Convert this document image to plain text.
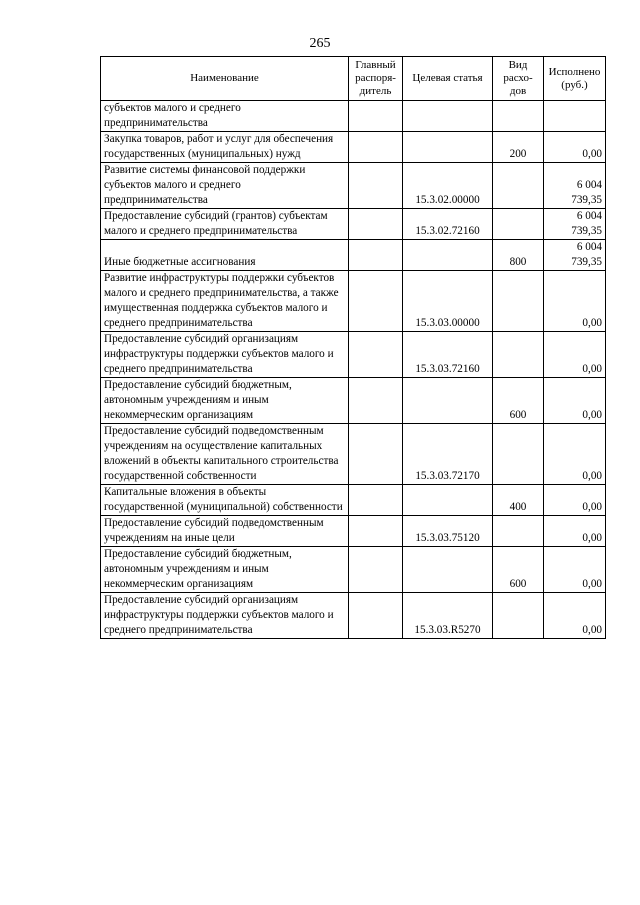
265
Наименование	Главный распоря-дитель	Целевая статья	Вид расхо-дов	Исполнено (руб.)
субъектов малого и среднего предпринимательства				
Закупка товаров, работ и услуг для обеспечения государственных (муниципальных) нужд			200	0,00
Развитие системы финансовой поддержки субъектов малого и среднего предпринимательства		15.3.02.00000		6 004 739,35
Предоставление субсидий (грантов) субъектам малого и среднего предпринимательства		15.3.02.72160		6 004 739,35
Иные бюджетные ассигнования			800	6 004 739,35
Развитие инфраструктуры поддержки субъектов малого и среднего предпринимательства, а также имущественная поддержка субъектов малого и среднего предпринимательства		15.3.03.00000		0,00
Предоставление субсидий организациям инфраструктуры поддержки субъектов малого и среднего предпринимательства		15.3.03.72160		0,00
Предоставление субсидий бюджетным, автономным учреждениям и иным некоммерческим организациям			600	0,00
Предоставление субсидий подведомственным учреждениям на осуществление капитальных вложений в объекты капитального строительства государственной собственности		15.3.03.72170		0,00
Капитальные вложения в объекты государственной (муниципальной) собственности			400	0,00
Предоставление субсидий подведомственным учреждениям на иные цели		15.3.03.75120		0,00
Предоставление субсидий бюджетным, автономным учреждениям и иным некоммерческим организациям			600	0,00
Предоставление субсидий организациям инфраструктуры поддержки субъектов малого и среднего предпринимательства		15.3.03.R5270		0,00
